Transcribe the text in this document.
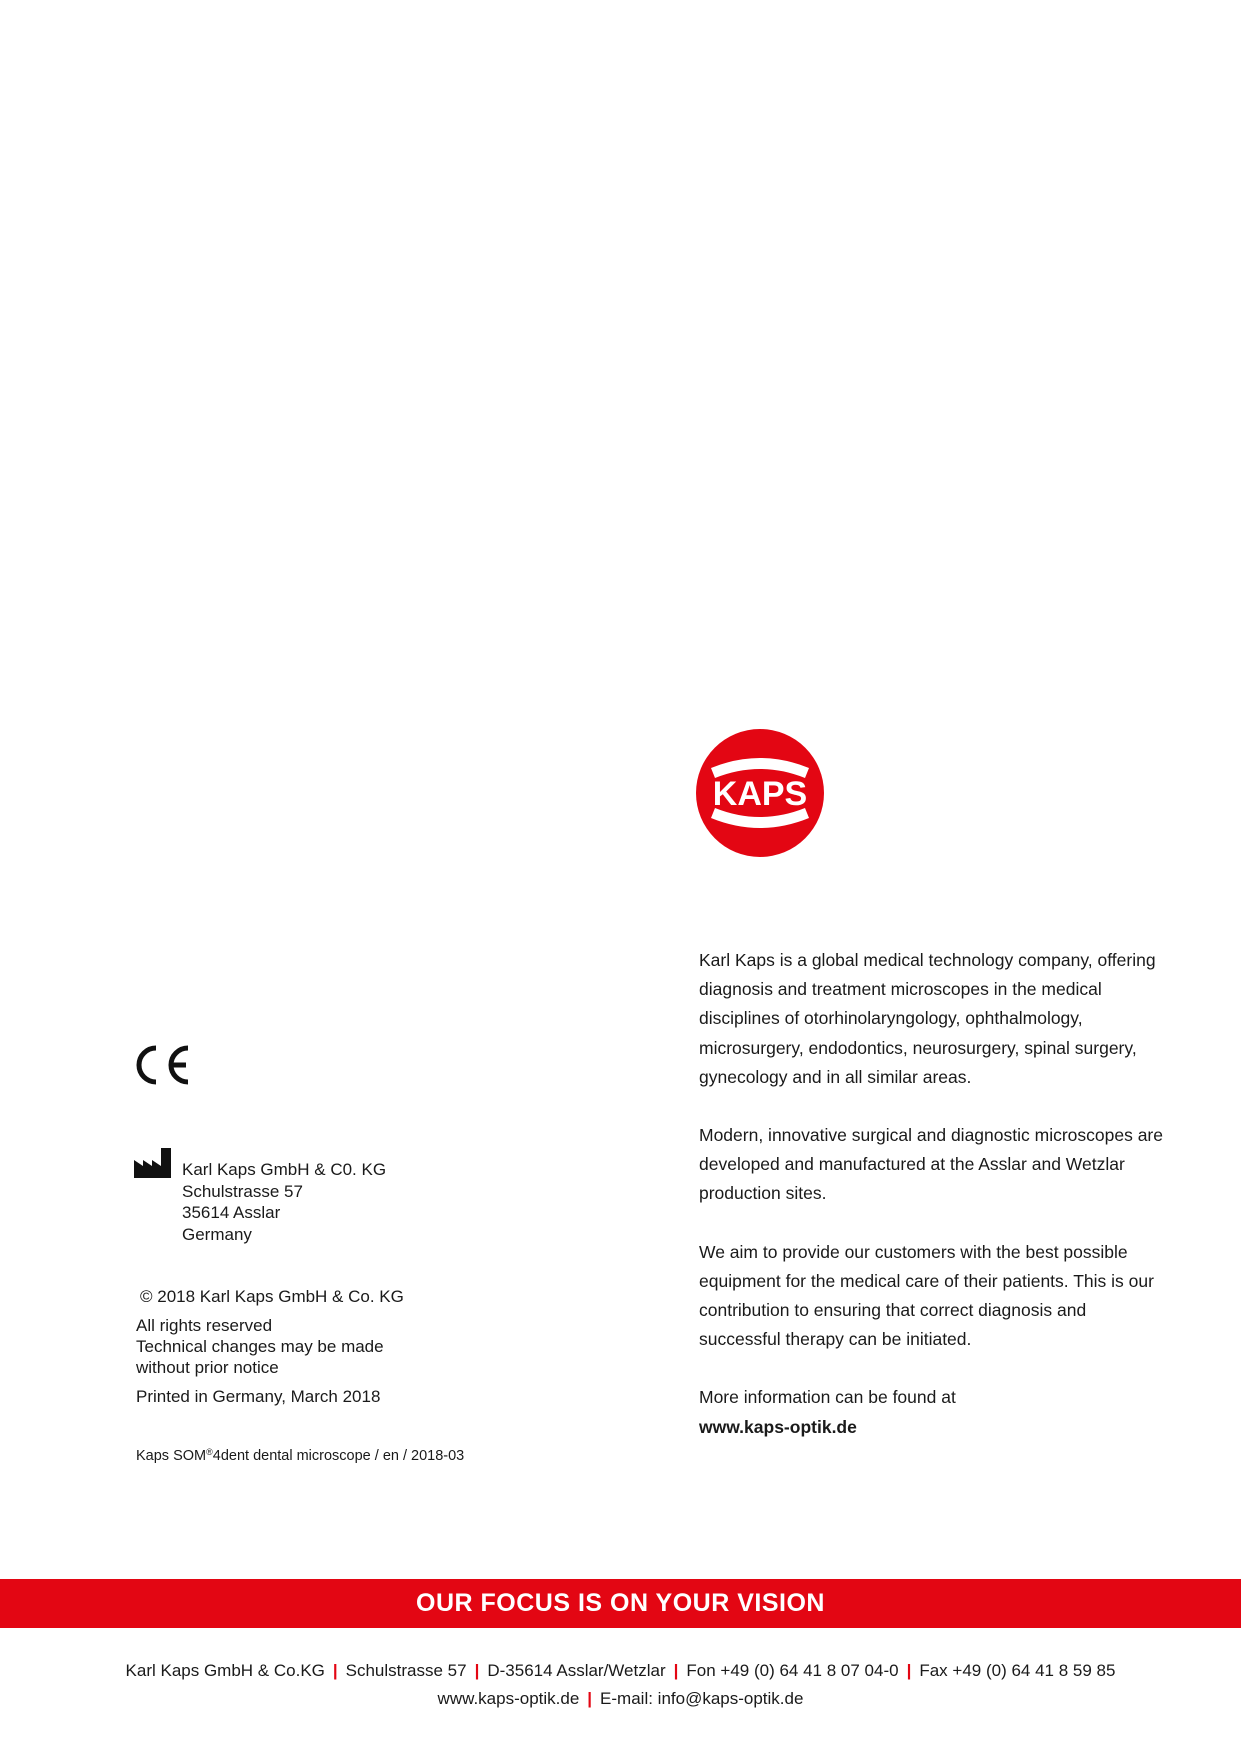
KAPS

Karl Kaps is a global medical technology company, offering diagnosis and treatment microscopes in the medical disciplines of otorhinolaryngology, ophthalmology, microsurgery, endodontics, neurosurgery, spinal surgery, gynecology and in all similar areas.

Modern, innovative surgical and diagnostic microscopes are developed and manufactured at the Asslar and Wetzlar production sites.

We aim to provide our customers with the best possible equipment for the medical care of their patients. This is our contribution to ensuring that correct diagnosis and successful therapy can be initiated.

More information can be found at
www.kaps-optik.de
Karl Kaps GmbH & C0. KG
Schulstrasse 57
35614 Asslar
Germany
© 2018 Karl Kaps GmbH & Co. KG
All rights reserved
Technical changes may be made
without prior notice
Printed in Germany, March 2018
Kaps SOM®4dent dental microscope / en / 2018-03
OUR FOCUS IS ON YOUR VISION
Karl Kaps GmbH & Co.KG | Schulstrasse 57 | D-35614 Asslar/Wetzlar | Fon +49 (0) 64 41 8 07 04-0 | Fax +49 (0) 64 41 8 59 85
www.kaps-optik.de | E-mail: info@kaps-optik.de
